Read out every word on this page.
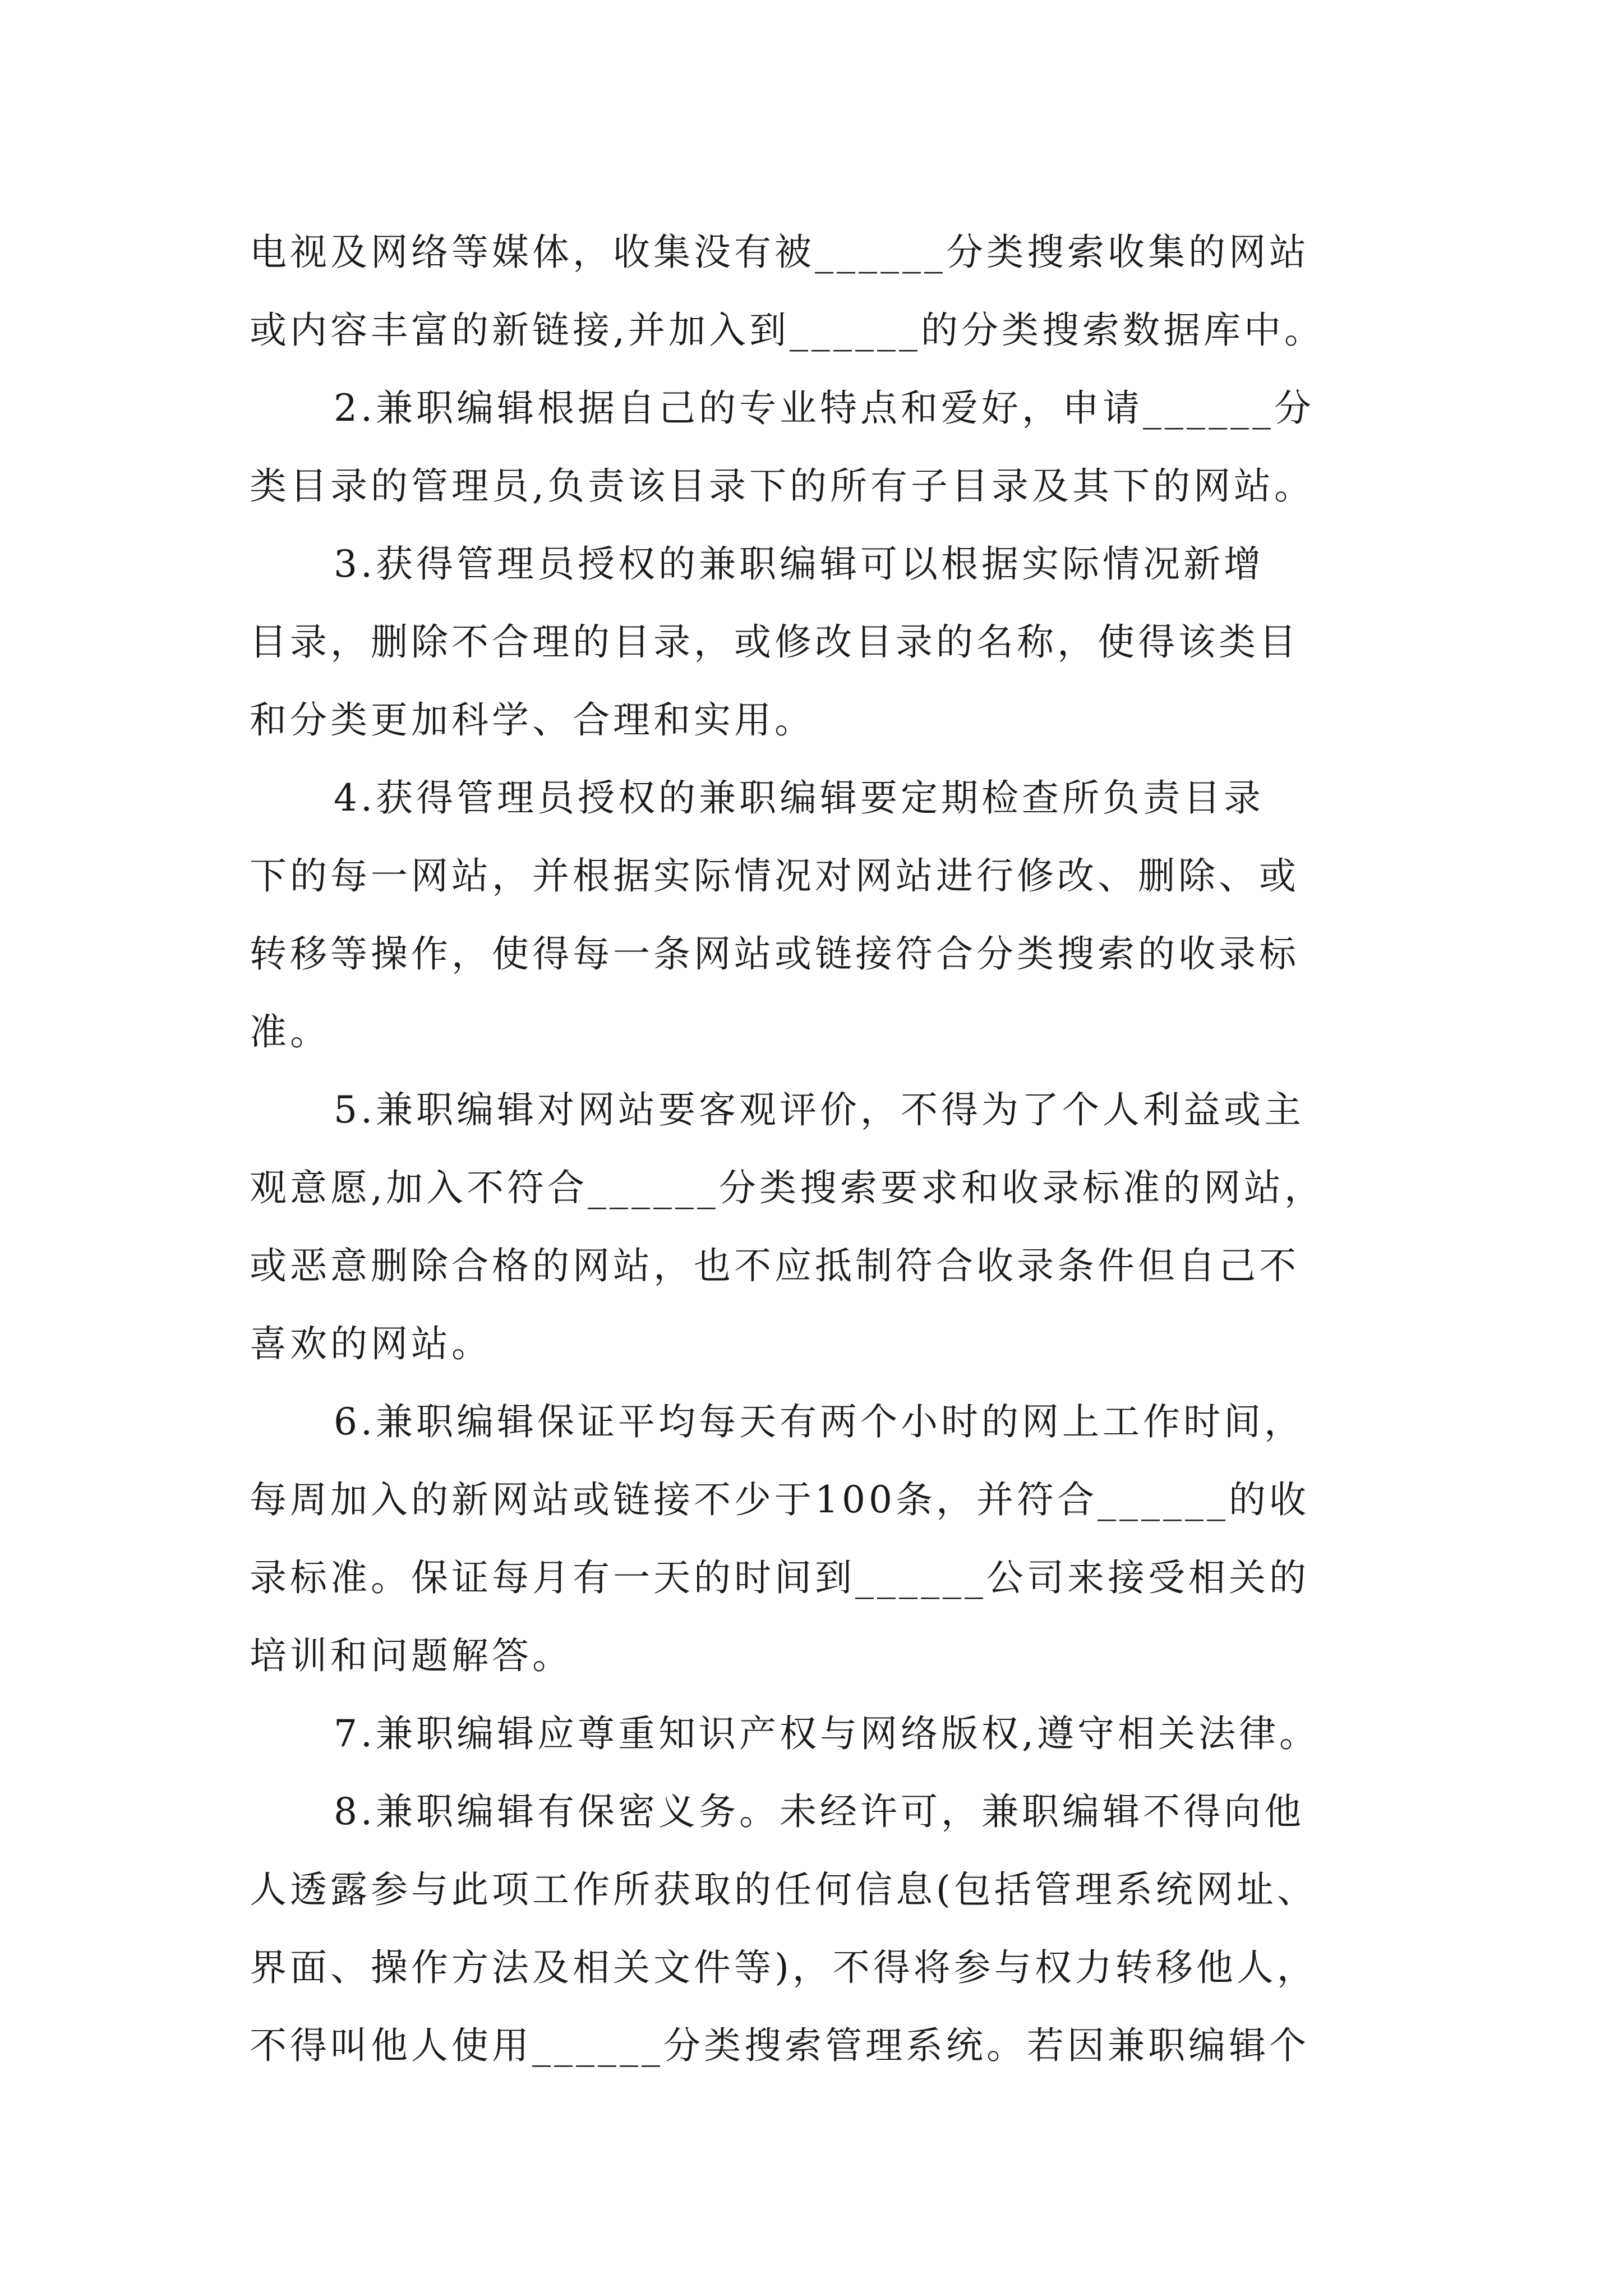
电视及网络等媒体，收集没有被______分类搜索收集的网站
或内容丰富的新链接,并加入到______的分类搜索数据库中。
2.兼职编辑根据自己的专业特点和爱好，申请______分
类目录的管理员,负责该目录下的所有子目录及其下的网站。
3.获得管理员授权的兼职编辑可以根据实际情况新增
目录，删除不合理的目录，或修改目录的名称，使得该类目
和分类更加科学、合理和实用。
4.获得管理员授权的兼职编辑要定期检查所负责目录
下的每一网站，并根据实际情况对网站进行修改、删除、或
转移等操作，使得每一条网站或链接符合分类搜索的收录标
准。
5.兼职编辑对网站要客观评价，不得为了个人利益或主
观意愿,加入不符合______分类搜索要求和收录标准的网站，
或恶意删除合格的网站，也不应抵制符合收录条件但自己不
喜欢的网站。
6.兼职编辑保证平均每天有两个小时的网上工作时间，
每周加入的新网站或链接不少于100条，并符合______的收
录标准。保证每月有一天的时间到______公司来接受相关的
培训和问题解答。
7.兼职编辑应尊重知识产权与网络版权,遵守相关法律。
8.兼职编辑有保密义务。未经许可，兼职编辑不得向他
人透露参与此项工作所获取的任何信息(包括管理系统网址、
界面、操作方法及相关文件等)，不得将参与权力转移他人，
不得叫他人使用______分类搜索管理系统。若因兼职编辑个
